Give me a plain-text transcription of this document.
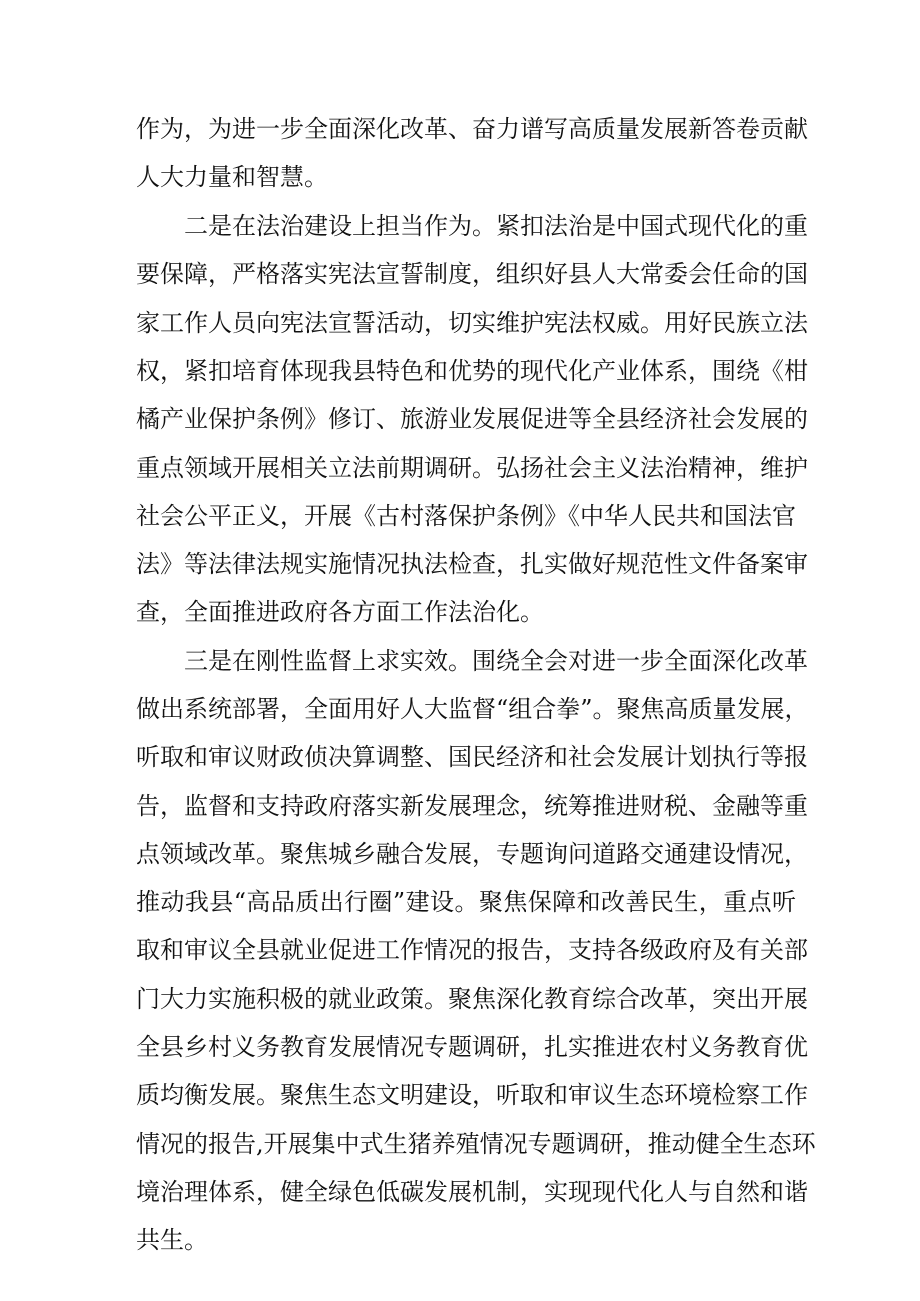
作为，为进一步全面深化改革、奋力谱写高质量发展新答卷贡献
人大力量和智慧。
二是在法治建设上担当作为。紧扣法治是中国式现代化的重
要保障，严格落实宪法宣誓制度，组织好县人大常委会任命的国
家工作人员向宪法宣誓活动，切实维护宪法权威。用好民族立法
权，紧扣培育体现我县特色和优势的现代化产业体系，围绕《柑
橘产业保护条例》修订、旅游业发展促进等全县经济社会发展的
重点领域开展相关立法前期调研。弘扬社会主义法治精神，维护
社会公平正义，开展《古村落保护条例》《中华人民共和国法官
法》等法律法规实施情况执法检查，扎实做好规范性文件备案审
查，全面推进政府各方面工作法治化。
三是在刚性监督上求实效。围绕全会对进一步全面深化改革
做出系统部署，全面用好人大监督“组合拳”。聚焦高质量发展，
听取和审议财政侦决算调整、国民经济和社会发展计划执行等报
告，监督和支持政府落实新发展理念，统筹推进财税、金融等重
点领域改革。聚焦城乡融合发展，专题询问道路交通建设情况，
推动我县“高品质出行圈”建设。聚焦保障和改善民生，重点听
取和审议全县就业促进工作情况的报告，支持各级政府及有关部
门大力实施积极的就业政策。聚焦深化教育综合改革，突出开展
全县乡村义务教育发展情况专题调研，扎实推进农村义务教育优
质均衡发展。聚焦生态文明建设，听取和审议生态环境检察工作
情况的报告,开展集中式生猪养殖情况专题调研，推动健全生态环
境治理体系，健全绿色低碳发展机制，实现现代化人与自然和谐
共生。
